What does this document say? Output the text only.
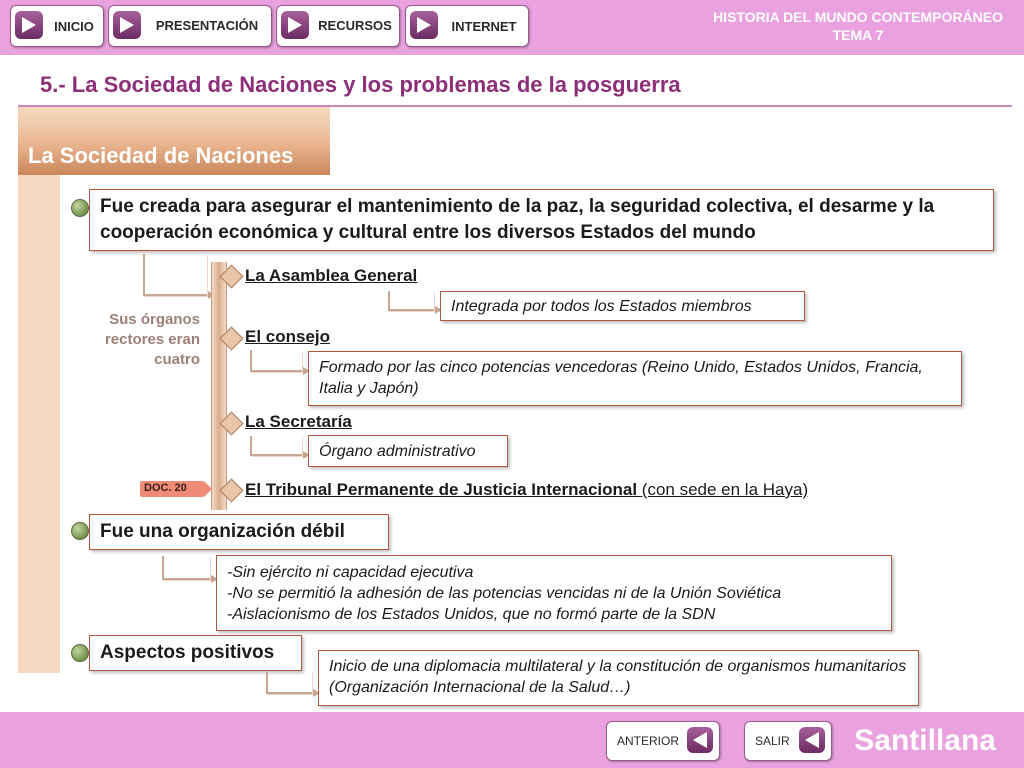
INICIO	PRESENTACIÓN	RECURSOS	INTERNET
HISTORIA DEL MUNDO CONTEMPORÁNEO
TEMA 7
5.- La Sociedad de Naciones y los problemas de la posguerra
La Sociedad de Naciones
Fue creada para asegurar el mantenimiento de la paz, la seguridad colectiva, el desarme y la cooperación económica y cultural entre los diversos Estados del mundo
Sus órganos rectores eran cuatro
La Asamblea General
Integrada por todos los Estados miembros
El consejo
Formado por las cinco potencias vencedoras (Reino Unido, Estados Unidos, Francia, Italia y Japón)
La Secretaría
Órgano administrativo
DOC. 20	El Tribunal Permanente de Justicia Internacional (con sede en la Haya)
Fue una organización débil
-Sin ejército ni capacidad ejecutiva
-No se permitió la adhesión de las potencias vencidas ni de la Unión Soviética
-Aislacionismo de los Estados Unidos, que no formó parte de la SDN
Aspectos positivos
Inicio de una diplomacia multilateral y la constitución de organismos humanitarios (Organización Internacional de la Salud…)
ANTERIOR	SALIR Santillana
